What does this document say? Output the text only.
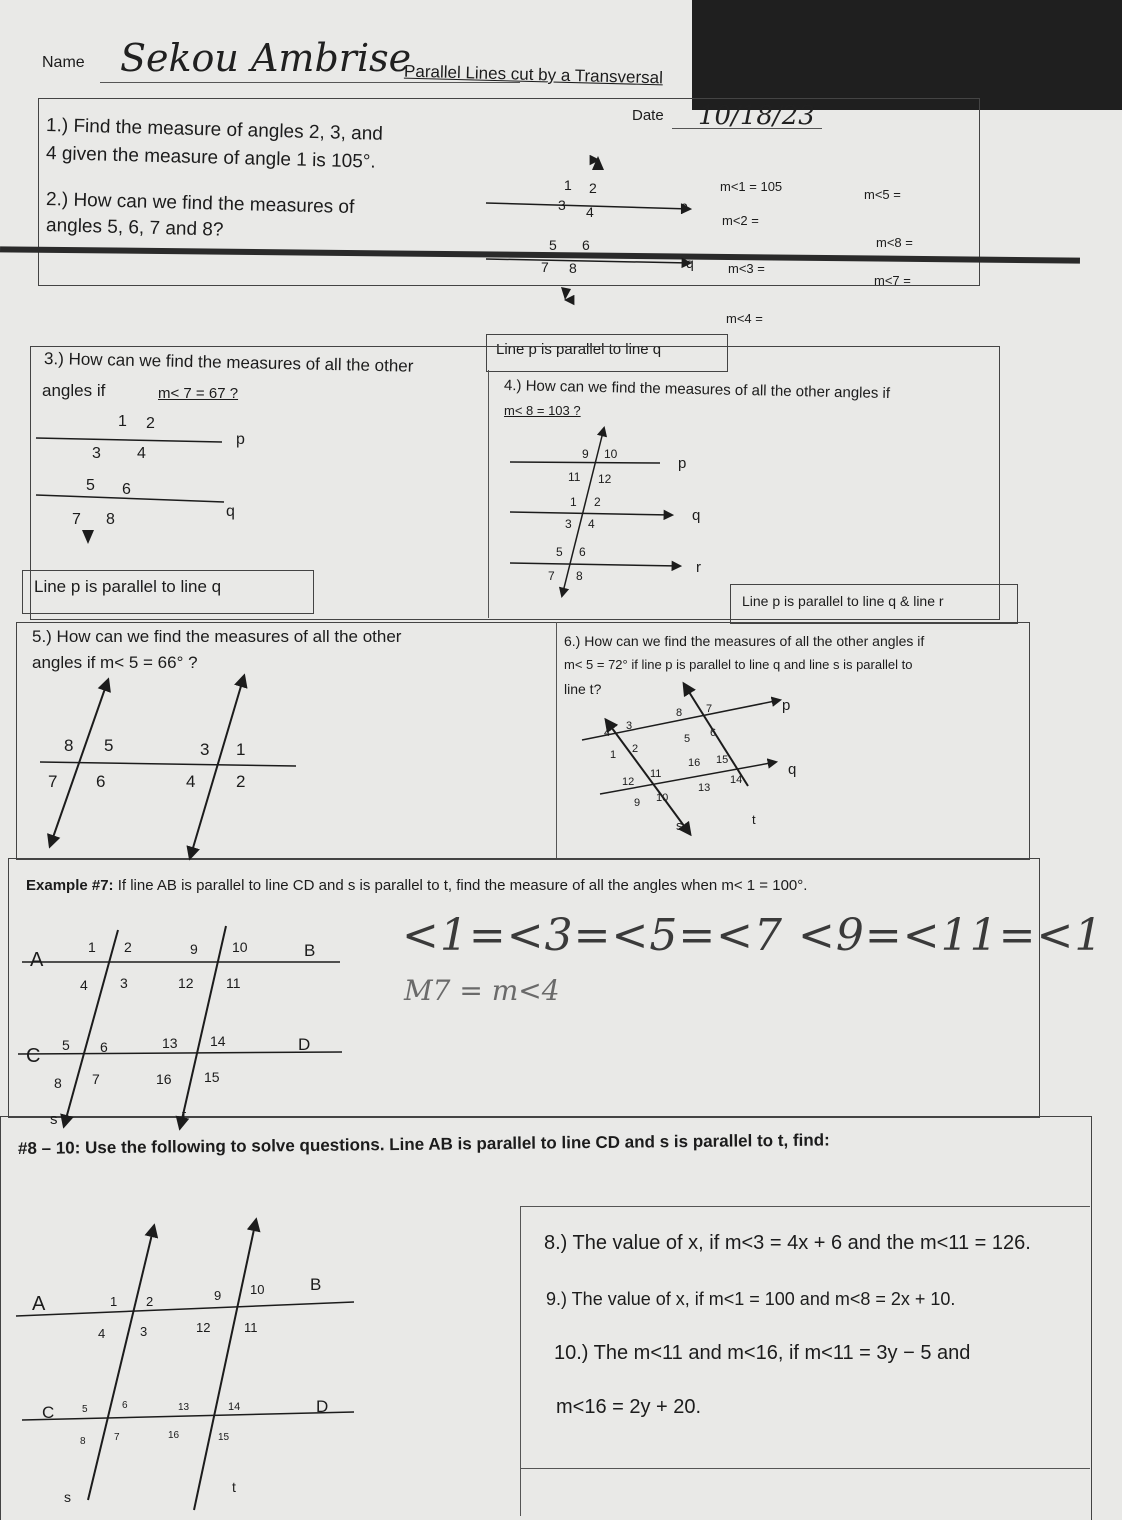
Name Sekou Ambrise
Parallel Lines cut by a Transversal
Date 10/18/23
1.) Find the measure of angles 2, 3, and
4 given the measure of angle 1 is 105°.
2.) How can we find the measures of
angles 5, 6, 7 and 8?
m<1 = 105
m<5 =
m<2 =
m<8 =
m<3 =
m<7 =
m<4 =
Line p is parallel to line q
3.) How can we find the measures of all the other
angles if	m< 7 = 67 ?	4.) How can we find the measures of all the other angles if
m< 8 = 103 ?
Line p is parallel to line q
Line p is parallel to line q & line r
5.) How can we find the measures of all the other
angles if m< 5 = 66° ?
6.) How can we find the measures of all the other angles if
m< 5 = 72° if line p is parallel to line q and line s is parallel to
line t?
Example #7: If line AB is parallel to line CD and s is parallel to t, find the measure of all the angles when m< 1 = 100°.
<1=<3=<5=<7 <9=<11=<1
M7 = m<4
#8 – 10: Use the following to solve questions. Line AB is parallel to line CD and s is parallel to t, find:
8.) The value of x, if m<3 = 4x + 6 and the m<11 = 126.
9.) The value of x, if m<1 = 100 and m<8 = 2x + 10.
10.) The m<11 and m<16, if m<11 = 3y − 5 and
m<16 = 2y + 20.
1 2
3 4
5 6
7 8
p
q
1 2
3 4
5 6
7 8
p
q
9 10
11 12
1 2
3 4
5 6
7 8
p
q
r
8 5	3 1
7 6	4 2
4
3
8 7
5 6
1 2
16 15
12
11
13
14
9 10
p
q
s	t
A	B
C
D
s	t
1 2	9 10
4 3	12 11
5 6	13 14
8 7	16 15
A
B
C	D
s
t
1 2	9 10
4	3	12	11
5	6	13	14
8	7	16	15
